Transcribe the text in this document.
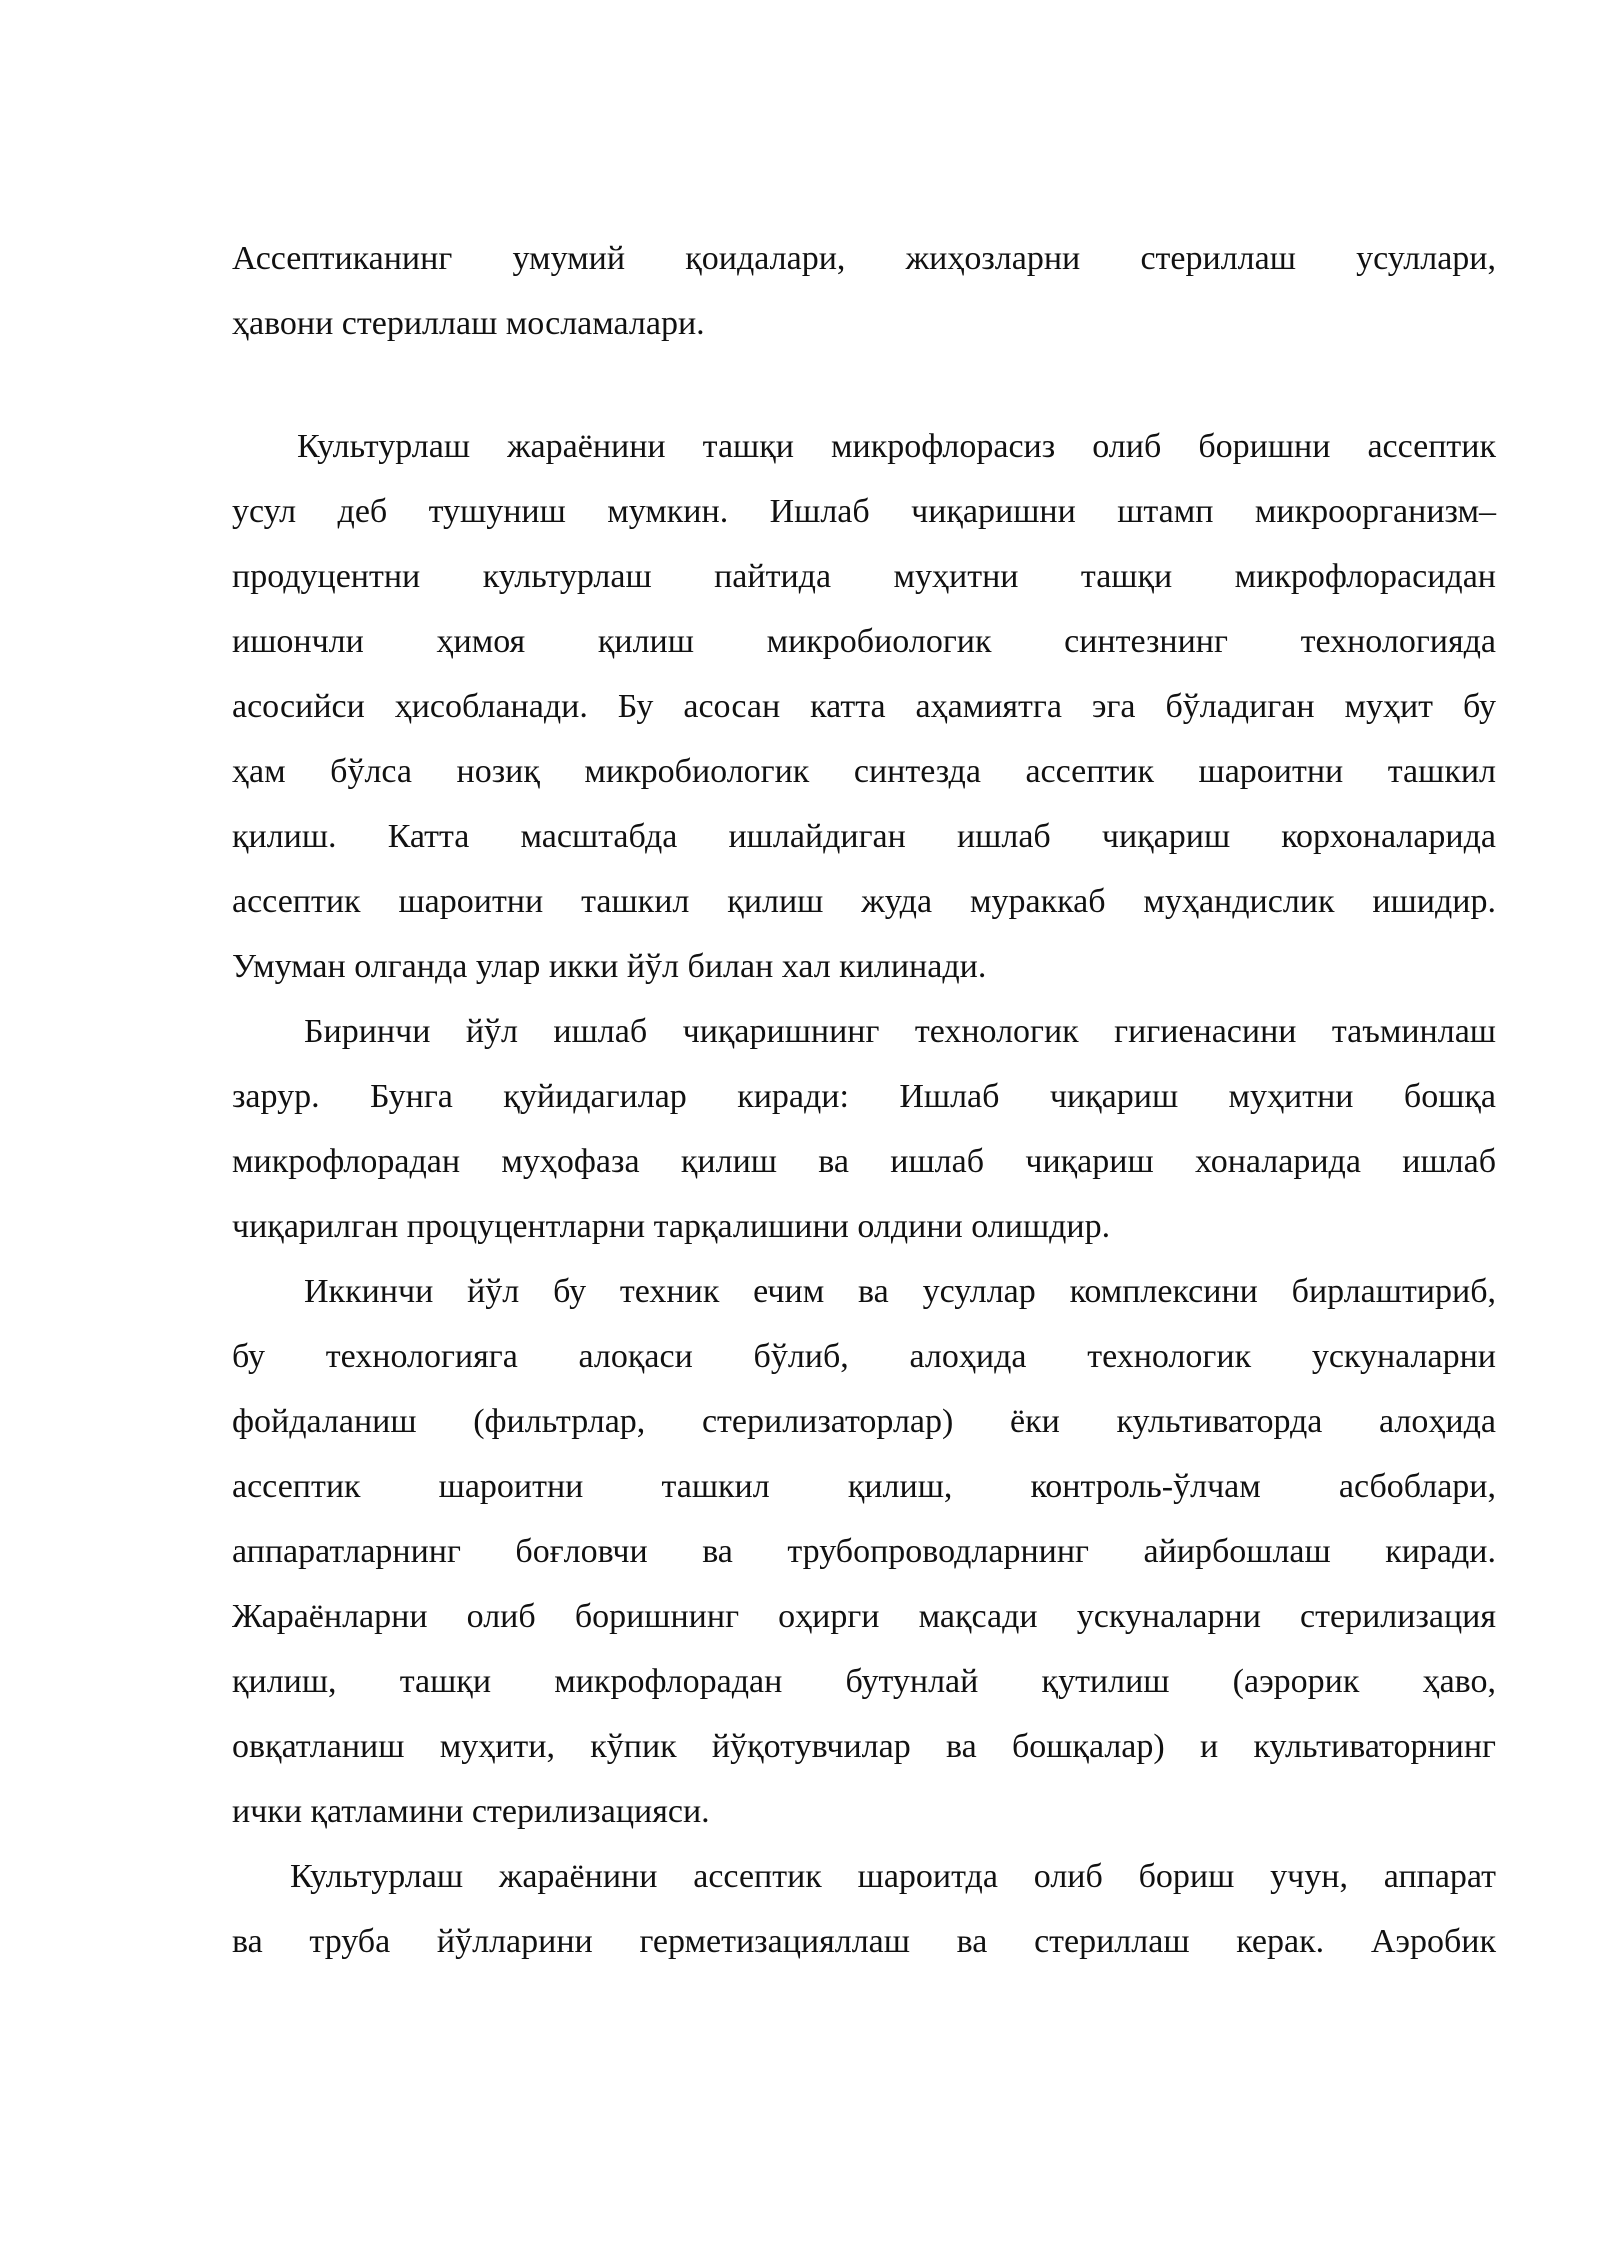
Ассептиканинг умумий қоидалари, жиҳозларни стериллаш усуллари,
ҳавони стериллаш мосламалари.
Культурлаш жараёнини ташқи микрофлорасиз олиб боришни ассептик
усул деб тушуниш мумкин. Ишлаб чиқаришни штамп микроорганизм–
продуцентни культурлаш пайтида муҳитни ташқи микрофлорасидан
ишончли ҳимоя қилиш микробиологик синтезнинг технологияда
асосийси ҳисобланади. Бу асосан катта аҳамиятга эга бўладиган муҳит бу
ҳам бўлса нозиқ микробиологик синтезда ассептик шароитни ташкил
қилиш. Катта масштабда ишлайдиган ишлаб чиқариш корхоналарида
ассептик шароитни ташкил қилиш жуда мураккаб муҳандислик ишидир.
Умуман олганда улар икки йўл билан хал килинади.
Биринчи йўл ишлаб чиқаришнинг технологик гигиенасини таъминлаш
зарур. Бунга қуйидагилар киради: Ишлаб чиқариш муҳитни бошқа
микрофлорадан муҳофаза қилиш ва ишлаб чиқариш хоналарида ишлаб
чиқарилган процуцентларни тарқалишини олдини олишдир.
Иккинчи йўл бу техник ечим ва усуллар комплексини бирлаштириб,
бу технологияга алоқаси бўлиб, алоҳида технологик ускуналарни
фойдаланиш (фильтрлар, стерилизаторлар) ёки культиваторда алоҳида
ассептик шароитни ташкил қилиш, контроль-ўлчам асбоблари,
аппаратларнинг боғловчи ва трубопроводларнинг айирбошлаш киради.
Жараёнларни олиб боришнинг оҳирги мақсади ускуналарни стерилизация
қилиш, ташқи микрофлорадан бутунлай қутилиш (аэрорик ҳаво,
овқатланиш муҳити, кўпик йўқотувчилар ва бошқалар) и культиваторнинг
ички қатламини стерилизацияси.
Культурлаш жараёнини ассептик шароитда олиб бориш учун, аппарат
ва труба йўлларини герметизацияллаш ва стериллаш керак. Аэробик
